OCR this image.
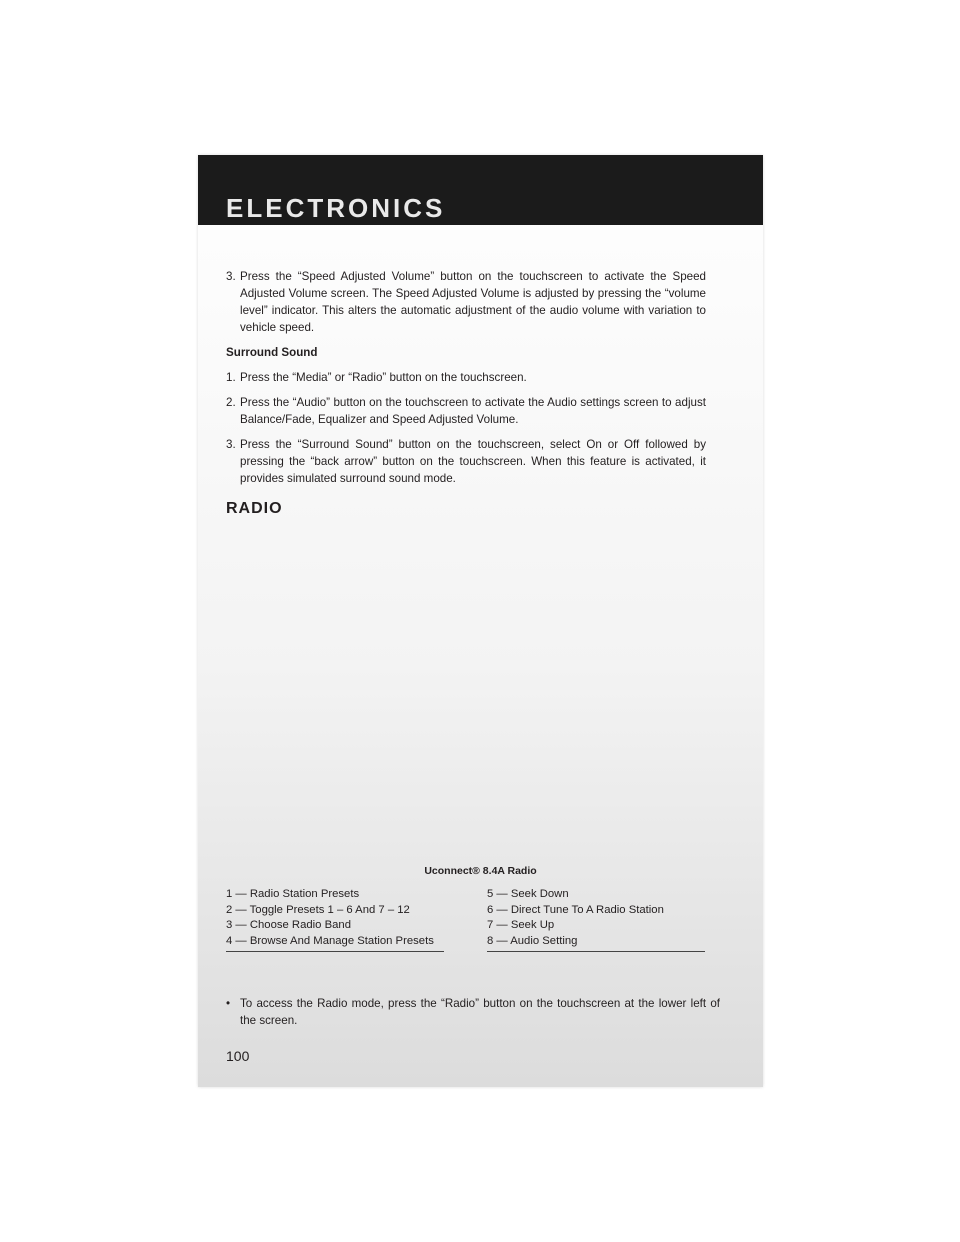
ELECTRONICS
3. Press the “Speed Adjusted Volume” button on the touchscreen to activate the Speed Adjusted Volume screen. The Speed Adjusted Volume is adjusted by pressing the “volume level” indicator. This alters the automatic adjustment of the audio volume with variation to vehicle speed.
Surround Sound
1. Press the “Media” or “Radio” button on the touchscreen.
2. Press the “Audio” button on the touchscreen to activate the Audio settings screen to adjust Balance/Fade, Equalizer and Speed Adjusted Volume.
3. Press the “Surround Sound” button on the touchscreen, select On or Off followed by pressing the “back arrow” button on the touchscreen. When this feature is activated, it provides simulated surround sound mode.
RADIO
Uconnect® 8.4A Radio
1 — Radio Station Presets
2 — Toggle Presets 1 – 6 And 7 – 12
3 — Choose Radio Band
4 — Browse And Manage Station Presets
5 — Seek Down
6 — Direct Tune To A Radio Station
7 — Seek Up
8 — Audio Setting
• To access the Radio mode, press the “Radio” button on the touchscreen at the lower left of the screen.
100
